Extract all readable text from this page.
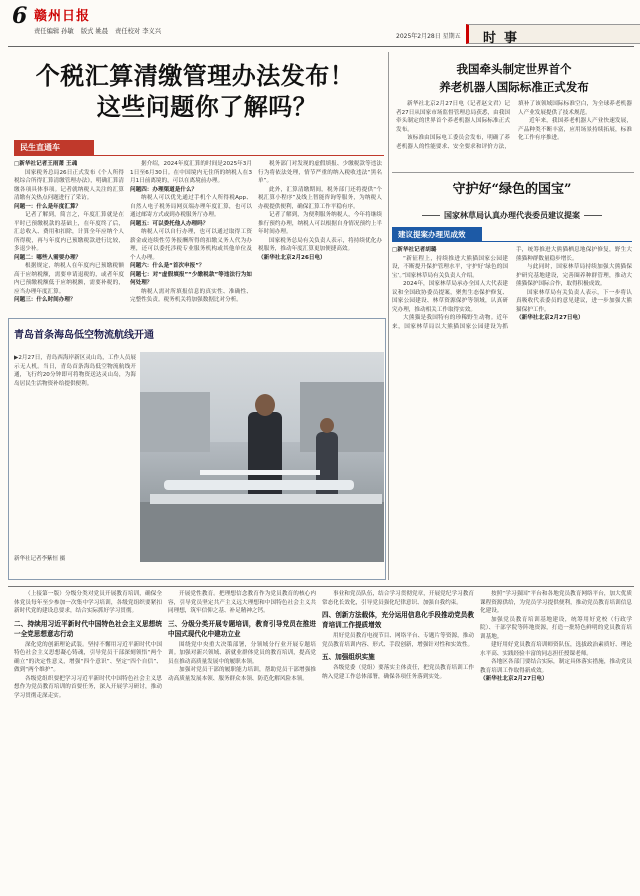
6 赣州日报
责任编辑 孙敏 版式 姚晨 责任校对 李义兴
2025年2月28日 星期五 时事
个税汇算清缴管理办法发布！

这些问题你了解吗？
民生直通车
□新华社记者王雨萧 王魂
国家税务总局26日正式发布《个人所得税综合所得汇算清缴管理办法》，明确汇算清缴各项具体事项。记者就纳税人关注的汇算清缴有关热点问题进行了采访。
问题一：什么是年度汇算？
记者了解到，简言之，年度汇算就是在平时已预缴税款的基础上，在年度终了后，汇总收入、费用和扣除，计算全年应纳个人所得税，再与年度内已预缴税款进行比较，多退少补。
问题二：哪些人需要办理？
根据规定，纳税人在年度内已预缴税额高于应纳税额，需要申请退税的，或者年度内已预缴税额低于应纳税额，需要补税的，应当办理年度汇算。
问题三：什么时间办理？
据介绍，2024年度汇算的时间是2025年3月1日至6月30日。在中国境内无住所的纳税人在3月1日前离境的，可以在离境前办理。
问题四：办理渠道是什么？
纳税人可以优先通过手机个人所得税App、自然人电子税务局网页端办理年度汇算，也可以通过邮寄方式或到办税服务厅办理。
问题五：可以委托他人办理吗？
纳税人可以自行办理，也可以通过取得工资薪金或连续性劳务报酬所得的扣缴义务人代为办理，还可以委托涉税专业服务机构或其他单位及个人办理。
问题六：什么是“首次申报”？
问题七：对“虚假填报”“少缴税款”等违法行为如何处理？
纳税人需对所填报信息的真实性、准确性、完整性负责。税务机关将加强数据比对分析。
税务部门对发现的虚假填报、少缴税款等违法行为将依法处理，情节严重的纳入税收违法“黑名单”。
此外，汇算清缴期间，税务部门还将提供“个税汇算小程序”及线上智能咨询等服务，为纳税人办税提供便利，确保汇算工作平稳有序。
记者了解到，为便利服务纳税人，今年将继续推行预约办理，纳税人可以根据自身情况预约上半年时间办理。
国家税务总局有关负责人表示，将持续优化办税服务，推动年度汇算更加便捷高效。
（新华社北京2月26日电）
我国牵头制定世界首个
养老机器人国际标准正式发布
新华社北京2月27日电（记者赵文君）记者27日从国家市场监督管理总局获悉，由我国牵头制定的世界首个养老机器人国际标准正式发布。
该标准由国际电工委员会发布，明确了养老机器人的性能要求、安全要求和评价方法，填补了该领域国际标准空白，为全球养老机器人产业发展提供了技术规范。
近年来，我国养老机器人产业快速发展，产品种类不断丰富，应用场景持续拓展，标准化工作有序推进。
守护好“绿色的国宝”
国家林草局认真办理代表委员建议提案
建议提案办理见成效
□新华社记者胡璐
“新征程上，持续推进大熊猫国家公园建设，不断提升保护管理水平，守护好‘绿色的国宝’。”国家林草局有关负责人介绍。
2024年，国家林草局承办全国人大代表建议和全国政协委员提案，聚焦生态保护修复、国家公园建设、林草资源保护等领域，认真研究办理，推动相关工作取得实效。
大熊猫是我国特有的珍稀野生动物。近年来，国家林草局以大熊猫国家公园建设为抓手，统筹推进大熊猫栖息地保护修复，野生大熊猫种群数量稳步增长。
与此同时，国家林草局持续加强大熊猫保护研究基地建设，完善圈养种群管理，推动大熊猫保护国际合作，取得积极成效。
国家林草局有关负责人表示，下一步将认真吸收代表委员的意见建议，进一步加强大熊猫保护工作。
（新华社北京2月27日电）
青岛首条海岛低空物流航线开通
▶2月27日，青岛西海岸新区灵山岛，工作人员展示无人机。当日，青岛首条海岛低空物流航线开通，飞行约20分钟即可将物资送达灵山岛，为海岛居民生活物资补给提供便利。
新华社记者李紫恒 摄
（上接第一版）分级分类对党员开展教育培训，确保全体党员每年至少参加一次集中学习培训，各级党组织要紧扣新时代党的建设总要求，结合实际抓好学习贯彻。
二、持续用习近平新时代中国特色社会主义思想统一全党思想意志行动
深化党的创新理论武装。坚持不懈用习近平新时代中国特色社会主义思想凝心铸魂，引导党员干部深刻领悟“两个确立”的决定性意义，增强“四个意识”、坚定“四个自信”、做到“两个维护”。
各级党组织要把学习习近平新时代中国特色社会主义思想作为党员教育培训的首要任务，深入开展学习研讨，推动学习贯彻走深走实。
开展党性教育。把理想信念教育作为党员教育的核心内容，引导党员坚定共产主义远大理想和中国特色社会主义共同理想，筑牢信仰之基、补足精神之钙。
三、分级分类开展专题培训，教育引导党员在推进中国式现代化中建功立业
围绕党中央重大决策部署，分领域分行业开展专题培训。加强对新兴领域、新就业群体党员的教育培训，提高党员在推动高质量发展中的履职本领。
加强对党员干部的履职能力培训，帮助党员干部增强推动高质量发展本领、服务群众本领、防范化解风险本领。
事业和党员队伍，结合学习贯彻党章，开展党纪学习教育常态化长效化，引导党员强化纪律意识、加强自我约束。
四、创新方法载体，充分运用信息化手段推动党员教育培训工作提质增效
用好党员教育电视节目、网络平台、专题片等资源，推动党员教育培训内容、形式、手段创新，增强针对性和实效性。
五、加强组织实施
各级党委（党组）要落实主体责任，把党员教育培训工作纳入党建工作总体部署，确保各项任务落到实处。
按照“学习强国”平台和各地党员教育网络平台，加大优质课程资源供给，为党员学习提供便利，推动党员教育培训信息化建设。
加强党员教育培训基地建设，统筹用好党校（行政学院）、干部学院等阵地资源，打造一批特色鲜明的党员教育培训基地。
建好用好党员教育培训师资队伍，选拔政治素质好、理论水平高、实践经验丰富的同志担任授课老师。
各地区各部门要结合实际，制定具体落实措施，推动党员教育培训工作取得新成效。
（新华社北京2月27日电）
